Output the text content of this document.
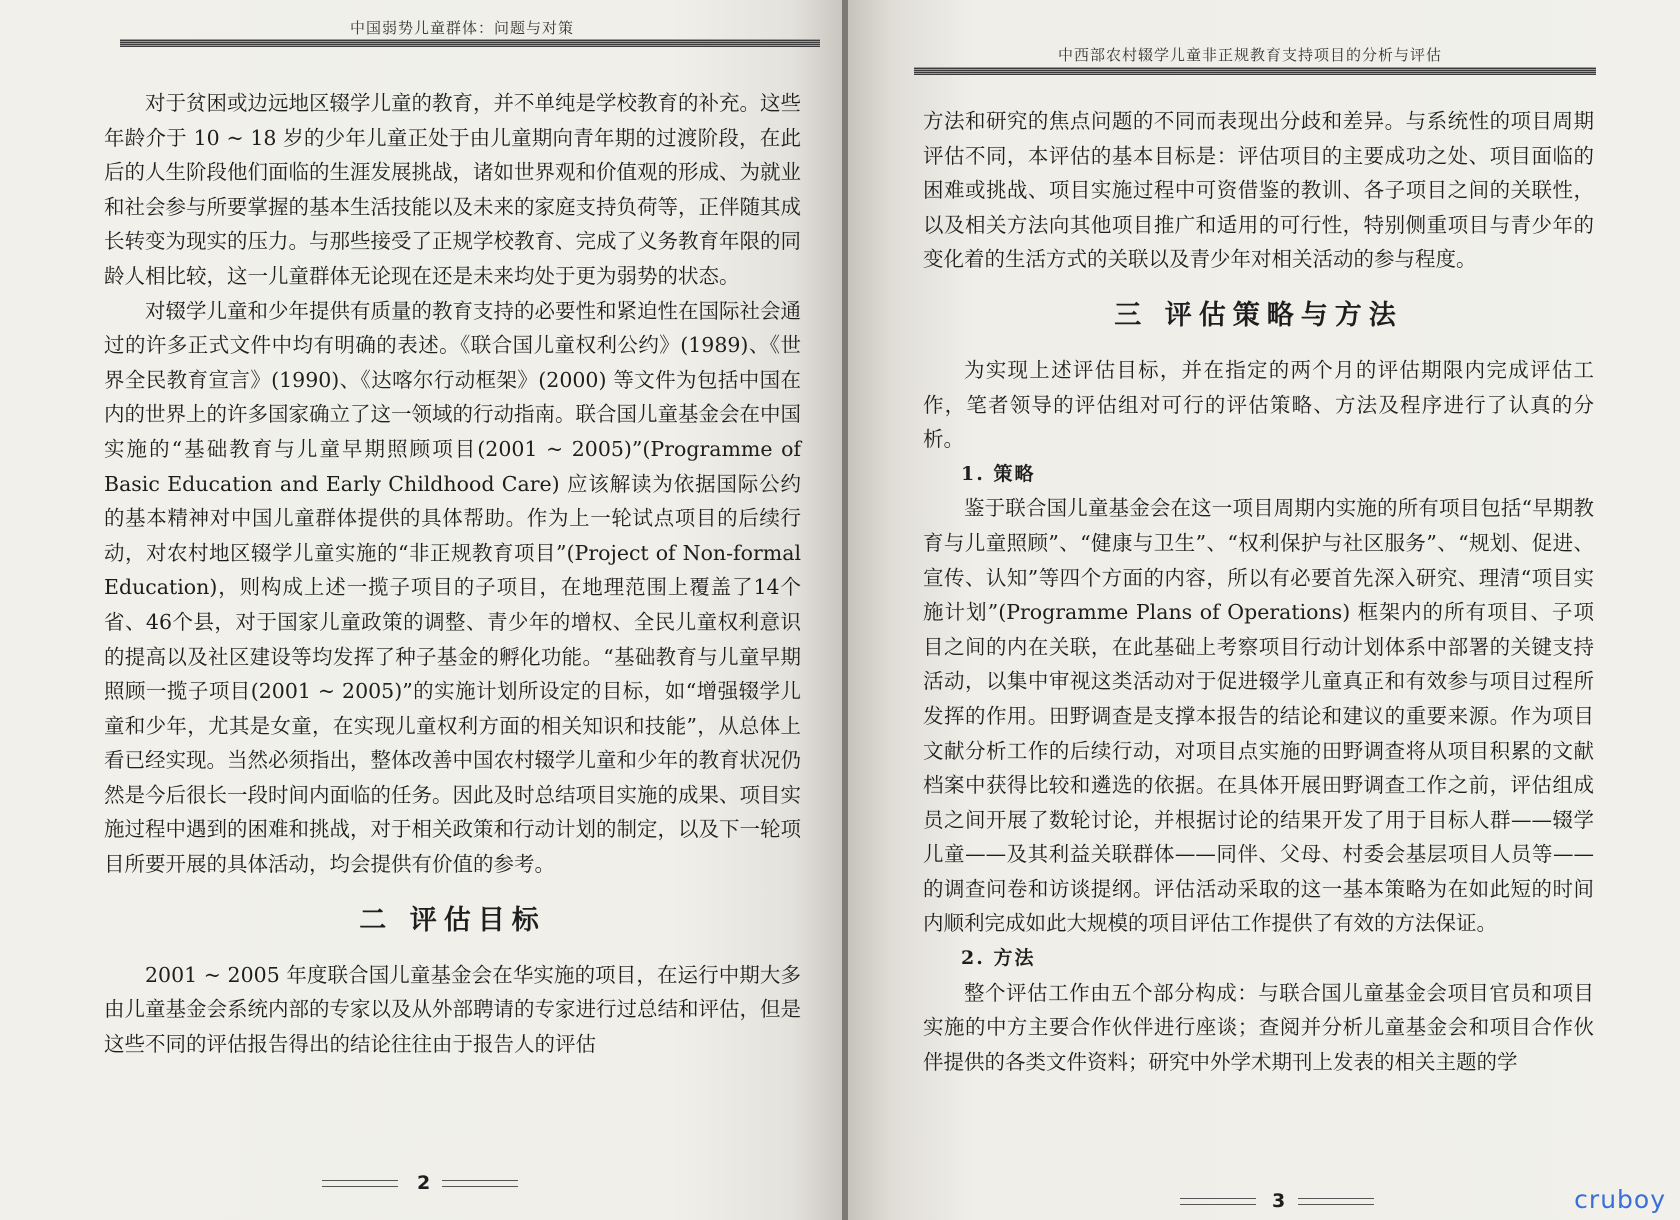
中国弱势儿童群体：问题与对策

对于贫困或边远地区辍学儿童的教育，并不单纯是学校教育的补充。这些年龄介于 10 ~ 18 岁的少年儿童正处于由儿童期向青年期的过渡阶段，在此后的人生阶段他们面临的生涯发展挑战，诸如世界观和价值观的形成、为就业和社会参与所要掌握的基本生活技能以及未来的家庭支持负荷等，正伴随其成长转变为现实的压力。与那些接受了正规学校教育、完成了义务教育年限的同龄人相比较，这一儿童群体无论现在还是未来均处于更为弱势的状态。

对辍学儿童和少年提供有质量的教育支持的必要性和紧迫性在国际社会通过的许多正式文件中均有明确的表述。《联合国儿童权利公约》(1989)、《世界全民教育宣言》(1990)、《达喀尔行动框架》(2000) 等文件为包括中国在内的世界上的许多国家确立了这一领域的行动指南。联合国儿童基金会在中国实施的“基础教育与儿童早期照顾项目(2001 ~ 2005)”(Programme of Basic Education and Early Childhood Care) 应该解读为依据国际公约的基本精神对中国儿童群体提供的具体帮助。作为上一轮试点项目的后续行动，对农村地区辍学儿童实施的“非正规教育项目”(Project of Non-formal Education)，则构成上述一揽子项目的子项目，在地理范围上覆盖了14个省、46个县，对于国家儿童政策的调整、青少年的增权、全民儿童权利意识的提高以及社区建设等均发挥了种子基金的孵化功能。“基础教育与儿童早期照顾一揽子项目(2001 ~ 2005)”的实施计划所设定的目标，如“增强辍学儿童和少年，尤其是女童，在实现儿童权利方面的相关知识和技能”，从总体上看已经实现。当然必须指出，整体改善中国农村辍学儿童和少年的教育状况仍然是今后很长一段时间内面临的任务。因此及时总结项目实施的成果、项目实施过程中遇到的困难和挑战，对于相关政策和行动计划的制定，以及下一轮项目所要开展的具体活动，均会提供有价值的参考。

二 评估目标

2001 ~ 2005 年度联合国儿童基金会在华实施的项目，在运行中期大多由儿童基金会系统内部的专家以及从外部聘请的专家进行过总结和评估，但是这些不同的评估报告得出的结论往往由于报告人的评估

2
中西部农村辍学儿童非正规教育支持项目的分析与评估

方法和研究的焦点问题的不同而表现出分歧和差异。与系统性的项目周期评估不同，本评估的基本目标是：评估项目的主要成功之处、项目面临的困难或挑战、项目实施过程中可资借鉴的教训、各子项目之间的关联性，以及相关方法向其他项目推广和适用的可行性，特别侧重项目与青少年的变化着的生活方式的关联以及青少年对相关活动的参与程度。

三 评估策略与方法

为实现上述评估目标，并在指定的两个月的评估期限内完成评估工作，笔者领导的评估组对可行的评估策略、方法及程序进行了认真的分析。

1. 策略

鉴于联合国儿童基金会在这一项目周期内实施的所有项目包括“早期教育与儿童照顾”、“健康与卫生”、“权利保护与社区服务”、“规划、促进、宣传、认知”等四个方面的内容，所以有必要首先深入研究、理清“项目实施计划”(Programme Plans of Operations) 框架内的所有项目、子项目之间的内在关联，在此基础上考察项目行动计划体系中部署的关键支持活动，以集中审视这类活动对于促进辍学儿童真正和有效参与项目过程所发挥的作用。田野调查是支撑本报告的结论和建议的重要来源。作为项目文献分析工作的后续行动，对项目点实施的田野调查将从项目积累的文献档案中获得比较和遴选的依据。在具体开展田野调查工作之前，评估组成员之间开展了数轮讨论，并根据讨论的结果开发了用于目标人群——辍学儿童——及其利益关联群体——同伴、父母、村委会基层项目人员等——的调查问卷和访谈提纲。评估活动采取的这一基本策略为在如此短的时间内顺利完成如此大规模的项目评估工作提供了有效的方法保证。

2. 方法

整个评估工作由五个部分构成：与联合国儿童基金会项目官员和项目实施的中方主要合作伙伴进行座谈；查阅并分析儿童基金会和项目合作伙伴提供的各类文件资料；研究中外学术期刊上发表的相关主题的学

3	cruboy
